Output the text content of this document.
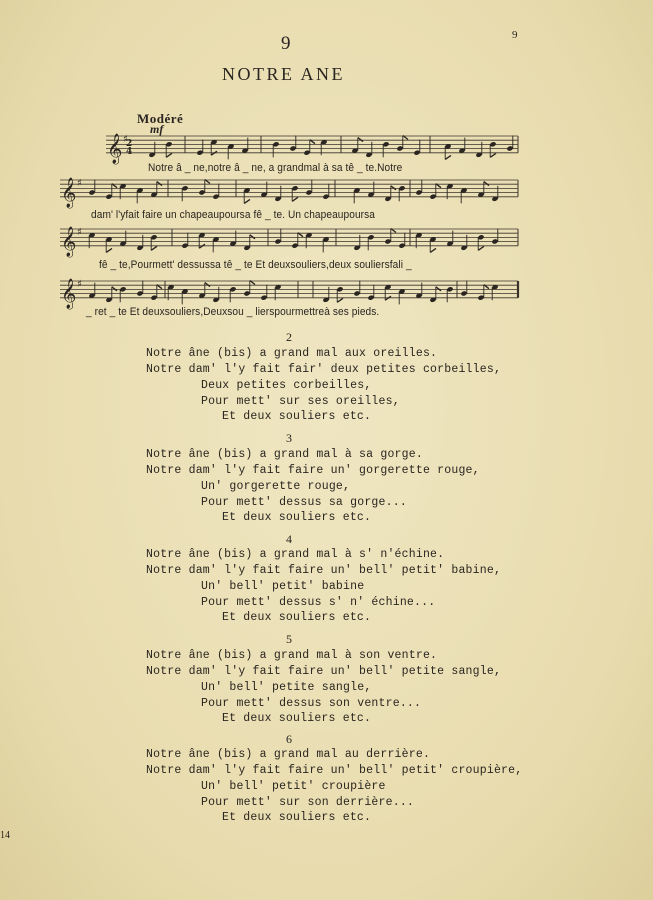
9	9
NOTRE ANE
Modéré
mf
𝄞 ♯
𝄞 ♯
𝄞 ♯
𝄞 ♯
2
4
Notre â _ ne,notre â _ ne, a grandmal à sa tê _ te.Notre
dam' l'yfait faire un chapeaupoursa fê _ te. Un chapeaupoursa
fê _ te,Pourmett' dessussa tê _ te Et deuxsouliers,deux souliersfali _
_ ret _ te Et deuxsouliers,Deuxsou _ lierspourmettreà ses pieds.
2
Notre âne (bis) a grand mal aux oreilles.
Notre dam' l'y fait fair' deux petites corbeilles,
Deux petites corbeilles,
Pour mett' sur ses oreilles,
Et deux souliers etc.
3
Notre âne (bis) a grand mal à sa gorge.
Notre dam' l'y fait faire un' gorgerette rouge,
Un' gorgerette rouge,
Pour mett' dessus sa gorge...
Et deux souliers etc.
4
Notre âne (bis) a grand mal à s' n'échine.
Notre dam' l'y fait faire un' bell' petit' babine,
Un' bell' petit' babine
Pour mett' dessus s' n' échine...
Et deux souliers etc.
5
Notre âne (bis) a grand mal à son ventre.
Notre dam' l'y fait faire un' bell' petite sangle,
Un' bell' petite sangle,
Pour mett' dessus son ventre...
Et deux souliers etc.
6
Notre âne (bis) a grand mal au derrière.
Notre dam' l'y fait faire un' bell' petit' croupière,
Un' bell' petit' croupière
Pour mett' sur son derrière...
Et deux souliers etc.
14
